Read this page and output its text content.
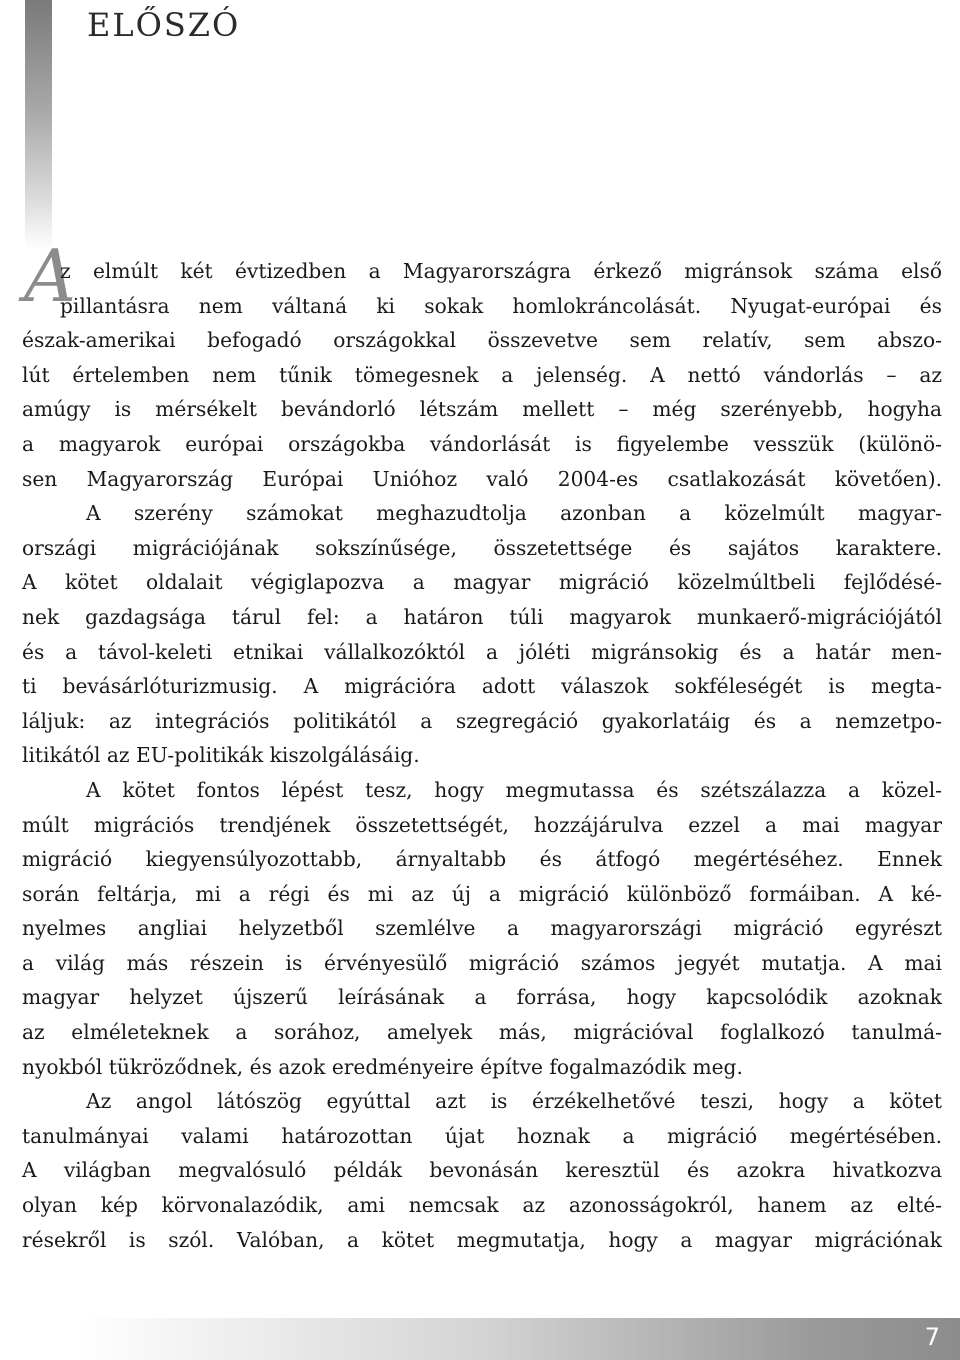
ELŐSZÓ
A
z elmúlt két évtizedben a Magyarországra érkező migránsok száma első
pillantásra nem váltaná ki sokak homlokráncolását. Nyugat-európai és
észak-amerikai befogadó országokkal összevetve sem relatív, sem abszo-
lút értelemben nem tűnik tömegesnek a jelenség. A nettó vándorlás – az
amúgy is mérsékelt bevándorló létszám mellett – még szerényebb, hogyha
a magyarok európai országokba vándorlását is figyelembe vesszük (különö-
sen Magyarország Európai Unióhoz való 2004-es csatlakozását követően).
A szerény számokat meghazudtolja azonban a közelmúlt magyar-
országi migrációjának sokszínűsége, összetettsége és sajátos karaktere.
A kötet oldalait végiglapozva a magyar migráció közelmúltbeli fejlődésé-
nek gazdagsága tárul fel: a határon túli magyarok munkaerő-migrációjától
és a távol-keleti etnikai vállalkozóktól a jóléti migránsokig és a határ men-
ti bevásárlóturizmusig. A migrációra adott válaszok sokféleségét is megta-
láljuk: az integrációs politikától a szegregáció gyakorlatáig és a nemzetpo-
litikától az EU-politikák kiszolgálásáig.
A kötet fontos lépést tesz, hogy megmutassa és szétszálazza a közel-
múlt migrációs trendjének összetettségét, hozzájárulva ezzel a mai magyar
migráció kiegyensúlyozottabb, árnyaltabb és átfogó megértéséhez. Ennek
során feltárja, mi a régi és mi az új a migráció különböző formáiban. A ké-
nyelmes angliai helyzetből szemlélve a magyarországi migráció egyrészt
a világ más részein is érvényesülő migráció számos jegyét mutatja. A mai
magyar helyzet újszerű leírásának a forrása, hogy kapcsolódik azoknak
az elméleteknek a sorához, amelyek más, migrációval foglalkozó tanulmá-
nyokból tükröződnek, és azok eredményeire építve fogalmazódik meg.
Az angol látószög egyúttal azt is érzékelhetővé teszi, hogy a kötet
tanulmányai valami határozottan újat hoznak a migráció megértésében.
A világban megvalósuló példák bevonásán keresztül és azokra hivatkozva
olyan kép körvonalazódik, ami nemcsak az azonosságokról, hanem az elté-
résekről is szól. Valóban, a kötet megmutatja, hogy a magyar migrációnak
7
